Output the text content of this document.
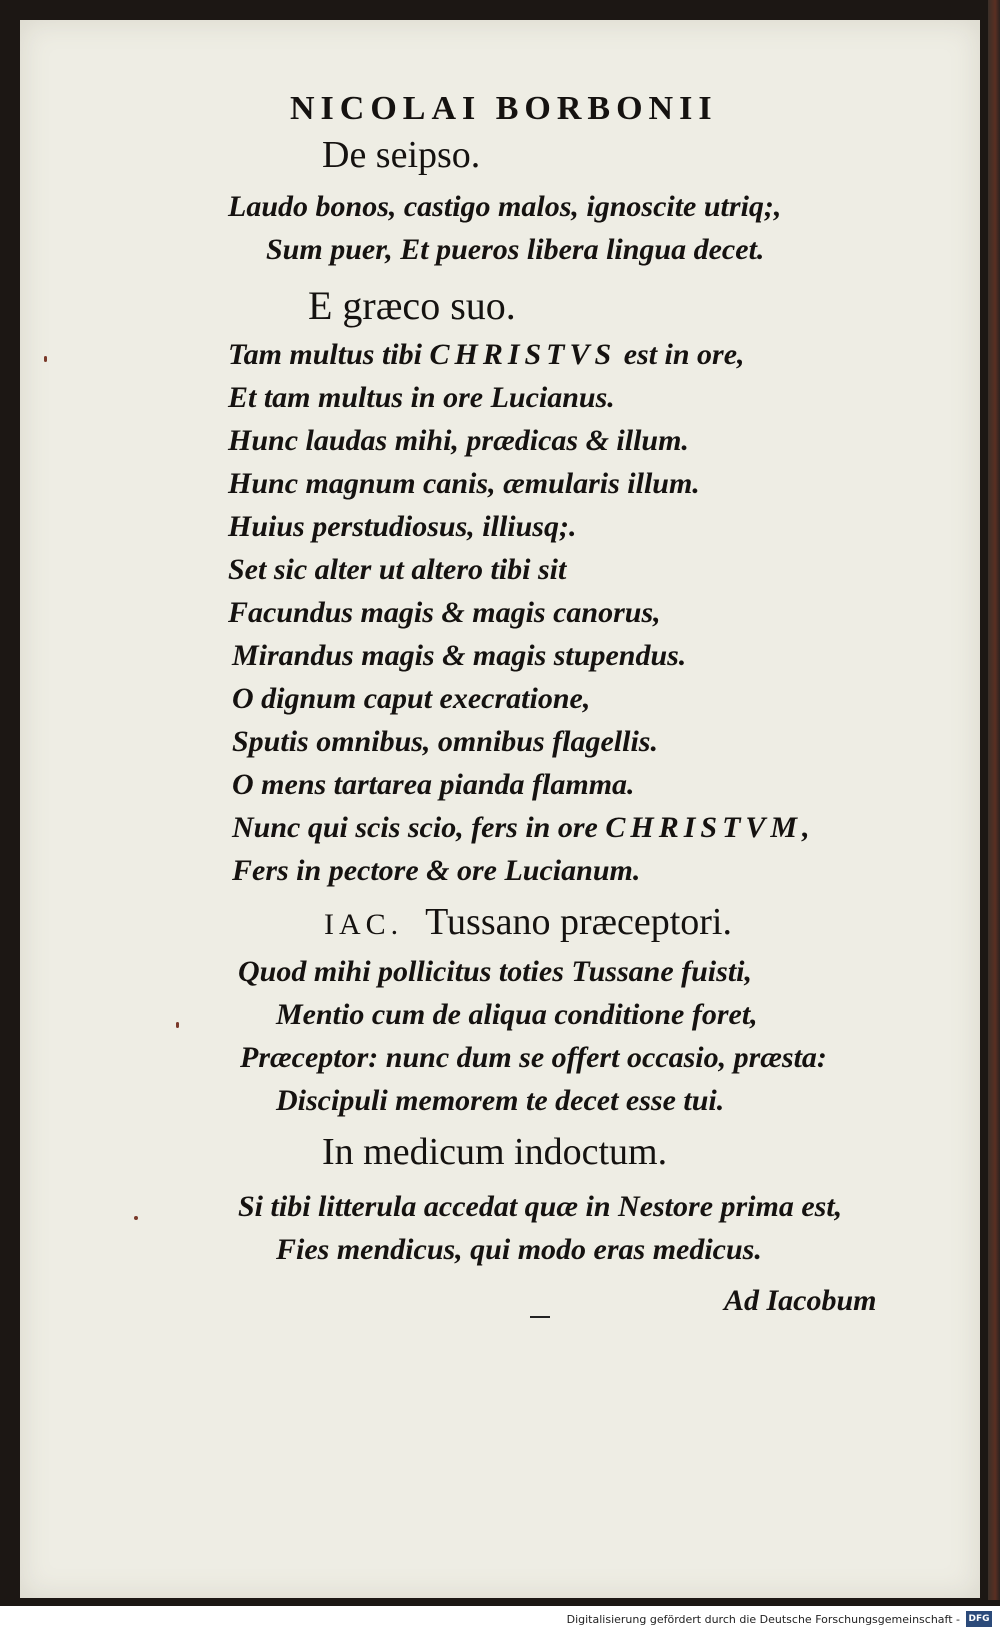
NICOLAI BORBONII
De seipso.
Laudo bonos, castigo malos, ignoscite utriq;,
Sum puer, Et pueros libera lingua decet.
E græco suo.
Tam multus tibi CHRISTVS est in ore,
Et tam multus in ore Lucianus.
Hunc laudas mihi, prædicas & illum.
Hunc magnum canis, æmularis illum.
Huius perstudiosus, illiusq;.
Set sic alter ut altero tibi sit
Facundus magis & magis canorus,
Mirandus magis & magis stupendus.
O dignum caput execratione,
Sputis omnibus, omnibus flagellis.
O mens tartarea pianda flamma.
Nunc qui scis scio, fers in ore CHRISTVM,
Fers in pectore & ore Lucianum.
IAC. Tussano præceptori.
Quod mihi pollicitus toties Tussane fuisti,
Mentio cum de aliqua conditione foret,
Præceptor: nunc dum se offert occasio, præsta:
Discipuli memorem te decet esse tui.
In medicum indoctum.
Si tibi litterula accedat quæ in Nestore prima est,
Fies mendicus, qui modo eras medicus.
Ad Iacobum
Digitalisierung gefördert durch die Deutsche Forschungsgemeinschaft - DFG
